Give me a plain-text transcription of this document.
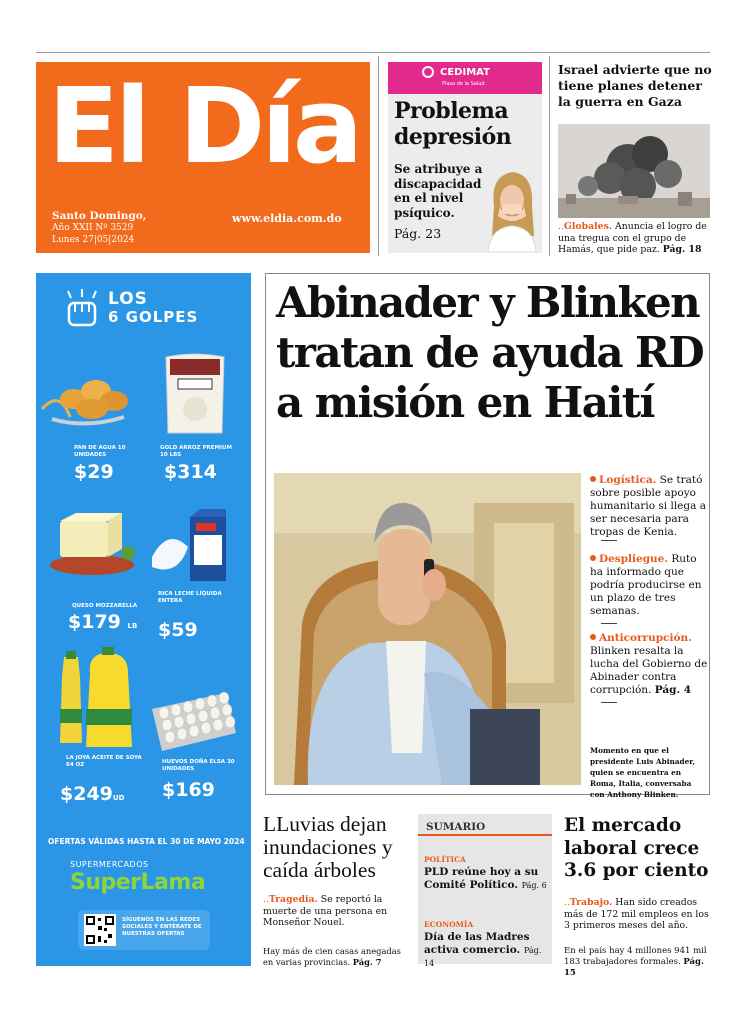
El Día
Santo Domingo,
Año XXII Nº 3529
Lunes 27|05|2024
www.eldia.com.do
CEDIMAT
Plaza de la Salud
Problema depresión
Se atribuye a discapacidad en el nivel psíquico.
Pág. 23
Israel advierte que no tiene planes detener la guerra en Gaza
..Globales. Anuncia el logro de una tregua con el grupo de Hamás, que pide paz. Pág. 18
LOS
6 GOLPES
PAN DE AGUA 10 UNIDADES
$29
GOLD ARROZ PREMIUM 10 LBS
$314
QUESO MOZZARELLA
$179 LB
RICA LECHE LÍQUIDA ENTERA
$59
LA JOYA ACEITE DE SOYA 64 OZ
$249UD
HUEVOS DOÑA ELSA 30 UNIDADES
$169
OFERTAS VÁLIDAS HASTA EL 30 DE MAYO 2024
SUPERMERCADOS
SuperLama
SÍGUENOS EN LAS REDES SOCIALES Y ENTÉRATE DE NUESTRAS OFERTAS
Abinader y Blinken tratan de ayuda RD a misión en Haití
Logística. Se trató sobre posible apoyo humanitario si llega a ser necesaria para tropas de Kenia.
Despliegue. Ruto ha informado que podría producirse en un plazo de tres semanas.
Anticorrupción. Blinken resalta la lucha del Gobierno de Abinader contra corrupción. Pág. 4
Momento en que el presidente Luis Abinader, quien se encuentra en Roma, Italia, conversaba con Anthony Blinken.
LLuvias dejan inundaciones y caída árboles
..Tragedia. Se reportó la muerte de una persona en Monseñor Nouel.
Hay más de cien casas anegadas en varias provincias. Pág. 7
SUMARIO
POLÍTICA
PLD reúne hoy a su Comité Político. Pág. 6
ECONOMÍA
Día de las Madres activa comercio. Pág. 14
El mercado laboral crece 3.6 por ciento
..Trabajo. Han sido creados más de 172 mil empleos en los 3 primeros meses del año.
En el país hay 4 millones 941 mil 183 trabajadores formales. Pág. 15
